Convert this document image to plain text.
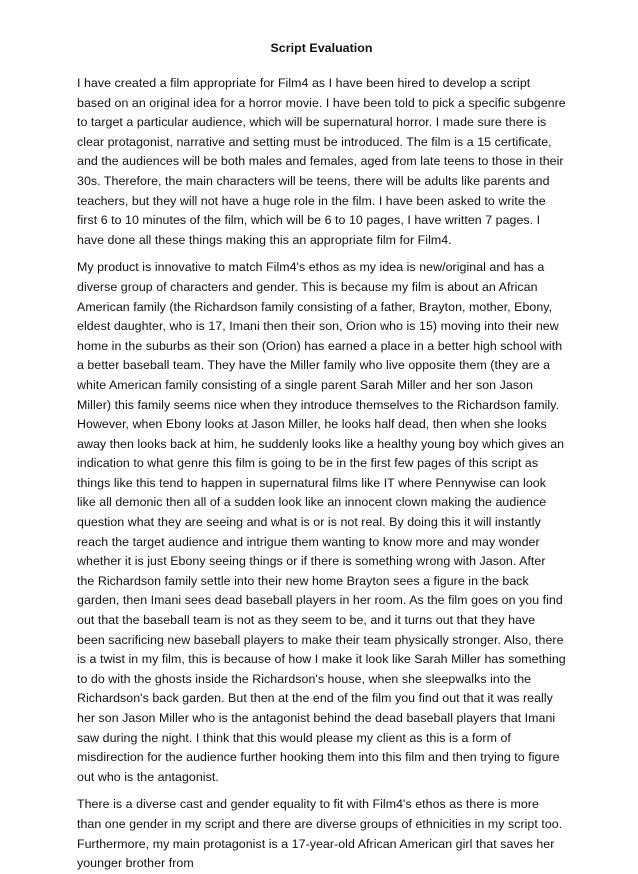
Script Evaluation

I have created a film appropriate for Film4 as I have been hired to develop a script based on an original idea for a horror movie. I have been told to pick a specific subgenre to target a particular audience, which will be supernatural horror. I made sure there is clear protagonist, narrative and setting must be introduced. The film is a 15 certificate, and the audiences will be both males and females, aged from late teens to those in their 30s. Therefore, the main characters will be teens, there will be adults like parents and teachers, but they will not have a huge role in the film. I have been asked to write the first 6 to 10 minutes of the film, which will be 6 to 10 pages, I have written 7 pages. I have done all these things making this an appropriate film for Film4.

My product is innovative to match Film4's ethos as my idea is new/original and has a diverse group of characters and gender. This is because my film is about an African American family (the Richardson family consisting of a father, Brayton, mother, Ebony, eldest daughter, who is 17, Imani then their son, Orion who is 15) moving into their new home in the suburbs as their son (Orion) has earned a place in a better high school with a better baseball team. They have the Miller family who live opposite them (they are a white American family consisting of a single parent Sarah Miller and her son Jason Miller) this family seems nice when they introduce themselves to the Richardson family. However, when Ebony looks at Jason Miller, he looks half dead, then when she looks away then looks back at him, he suddenly looks like a healthy young boy which gives an indication to what genre this film is going to be in the first few pages of this script as things like this tend to happen in supernatural films like IT where Pennywise can look like all demonic then all of a sudden look like an innocent clown making the audience question what they are seeing and what is or is not real. By doing this it will instantly reach the target audience and intrigue them wanting to know more and may wonder whether it is just Ebony seeing things or if there is something wrong with Jason. After the Richardson family settle into their new home Brayton sees a figure in the back garden, then Imani sees dead baseball players in her room. As the film goes on you find out that the baseball team is not as they seem to be, and it turns out that they have been sacrificing new baseball players to make their team physically stronger. Also, there is a twist in my film, this is because of how I make it look like Sarah Miller has something to do with the ghosts inside the Richardson's house, when she sleepwalks into the Richardson's back garden. But then at the end of the film you find out that it was really her son Jason Miller who is the antagonist behind the dead baseball players that Imani saw during the night. I think that this would please my client as this is a form of misdirection for the audience further hooking them into this film and then trying to figure out who is the antagonist.

There is a diverse cast and gender equality to fit with Film4's ethos as there is more than one gender in my script and there are diverse groups of ethnicities in my script too. Furthermore, my main protagonist is a 17-year-old African American girl that saves her younger brother from
